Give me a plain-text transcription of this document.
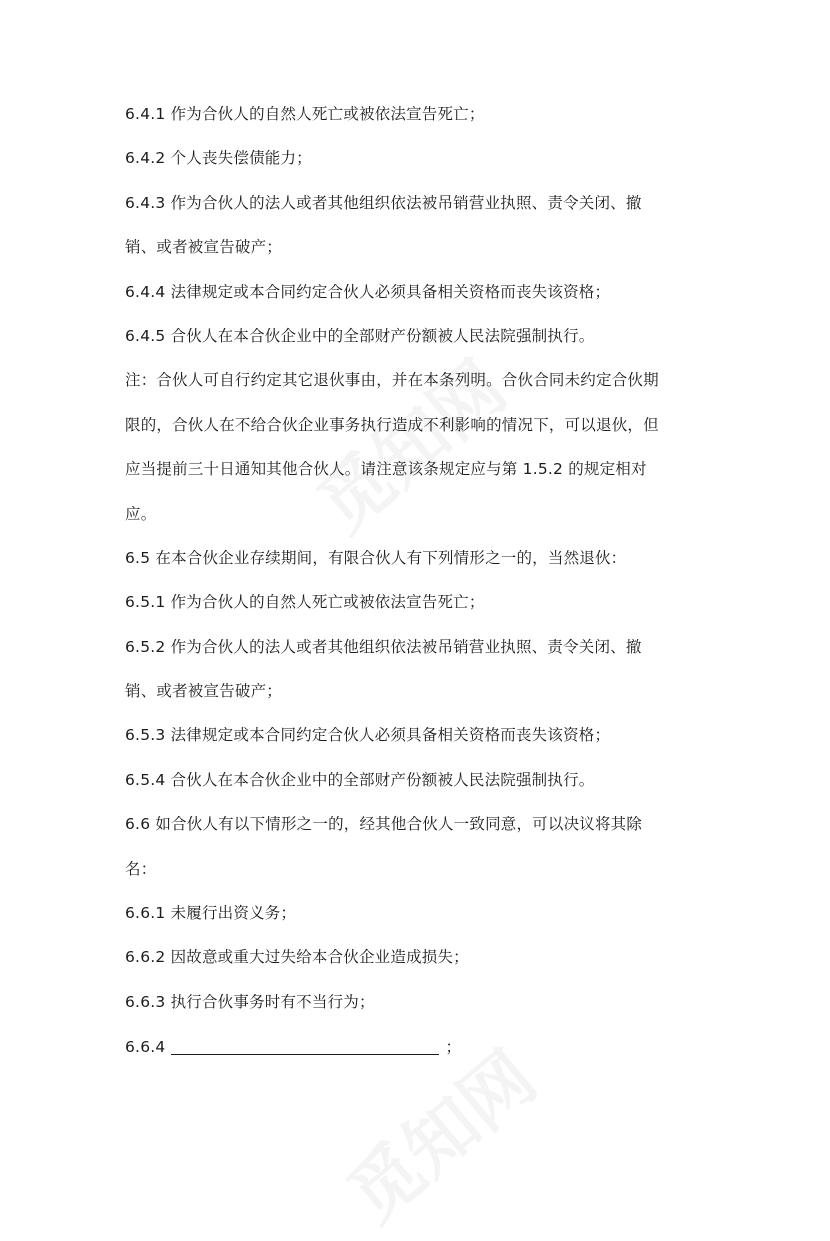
6.4.1 作为合伙人的自然人死亡或被依法宣告死亡；
6.4.2 个人丧失偿债能力；
6.4.3 作为合伙人的法人或者其他组织依法被吊销营业执照、责令关闭、撤
销、或者被宣告破产；
6.4.4 法律规定或本合同约定合伙人必须具备相关资格而丧失该资格；
6.4.5 合伙人在本合伙企业中的全部财产份额被人民法院强制执行。
注：合伙人可自行约定其它退伙事由，并在本条列明。合伙合同未约定合伙期
限的，合伙人在不给合伙企业事务执行造成不利影响的情况下，可以退伙，但
应当提前三十日通知其他合伙人。请注意该条规定应与第 1.5.2 的规定相对
应。
6.5 在本合伙企业存续期间，有限合伙人有下列情形之一的，当然退伙：
6.5.1 作为合伙人的自然人死亡或被依法宣告死亡；
6.5.2 作为合伙人的法人或者其他组织依法被吊销营业执照、责令关闭、撤
销、或者被宣告破产；
6.5.3 法律规定或本合同约定合伙人必须具备相关资格而丧失该资格；
6.5.4 合伙人在本合伙企业中的全部财产份额被人民法院强制执行。
6.6 如合伙人有以下情形之一的，经其他合伙人一致同意，可以决议将其除
名：
6.6.1 未履行出资义务；
6.6.2 因故意或重大过失给本合伙企业造成损失；
6.6.3 执行合伙事务时有不当行为；
6.6.4	；
